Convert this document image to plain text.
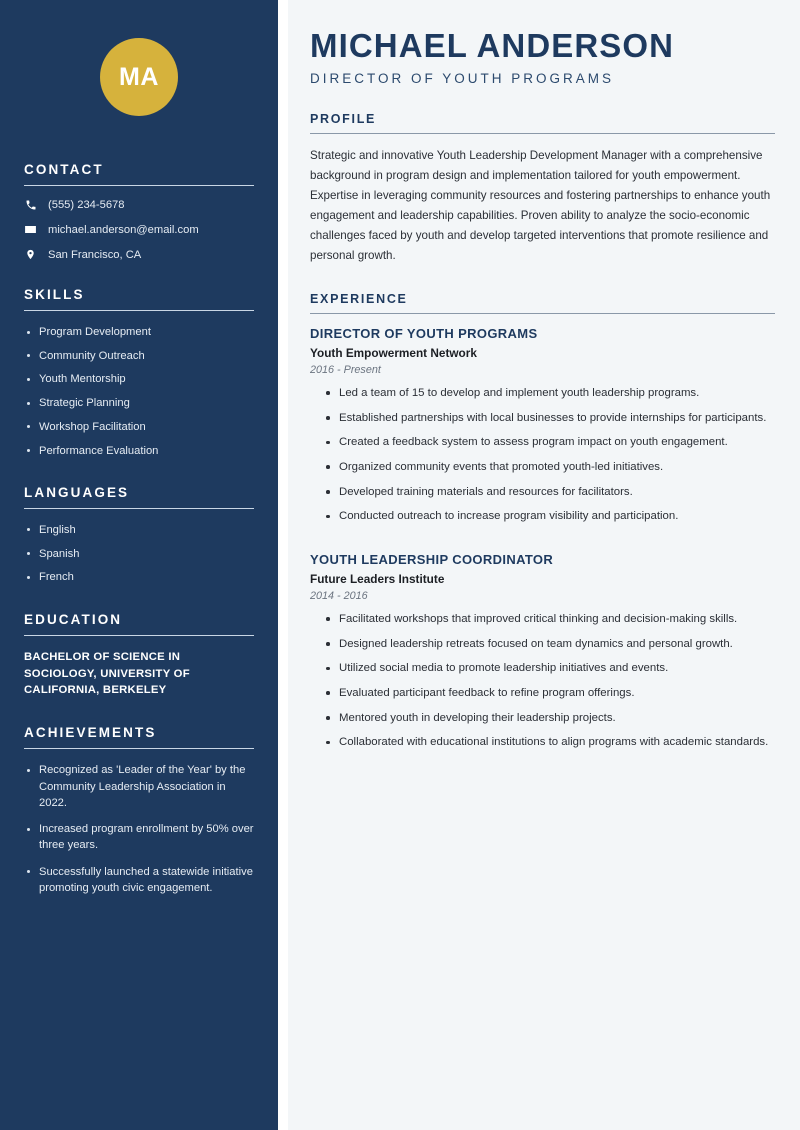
MA
CONTACT
(555) 234-5678
michael.anderson@email.com
San Francisco, CA
SKILLS
Program Development
Community Outreach
Youth Mentorship
Strategic Planning
Workshop Facilitation
Performance Evaluation
LANGUAGES
English
Spanish
French
EDUCATION
BACHELOR OF SCIENCE IN SOCIOLOGY, UNIVERSITY OF CALIFORNIA, BERKELEY
ACHIEVEMENTS
Recognized as 'Leader of the Year' by the Community Leadership Association in 2022.
Increased program enrollment by 50% over three years.
Successfully launched a statewide initiative promoting youth civic engagement.
MICHAEL ANDERSON
DIRECTOR OF YOUTH PROGRAMS
PROFILE

Strategic and innovative Youth Leadership Development Manager with a comprehensive background in program design and implementation tailored for youth empowerment. Expertise in leveraging community resources and fostering partnerships to enhance youth engagement and leadership capabilities. Proven ability to analyze the socio-economic challenges faced by youth and develop targeted interventions that promote resilience and personal growth.

EXPERIENCE
DIRECTOR OF YOUTH PROGRAMS
Youth Empowerment Network
2016 - Present
Led a team of 15 to develop and implement youth leadership programs.
Established partnerships with local businesses to provide internships for participants.
Created a feedback system to assess program impact on youth engagement.
Organized community events that promoted youth-led initiatives.
Developed training materials and resources for facilitators.
Conducted outreach to increase program visibility and participation.
YOUTH LEADERSHIP COORDINATOR
Future Leaders Institute
2014 - 2016
Facilitated workshops that improved critical thinking and decision-making skills.
Designed leadership retreats focused on team dynamics and personal growth.
Utilized social media to promote leadership initiatives and events.
Evaluated participant feedback to refine program offerings.
Mentored youth in developing their leadership projects.
Collaborated with educational institutions to align programs with academic standards.
